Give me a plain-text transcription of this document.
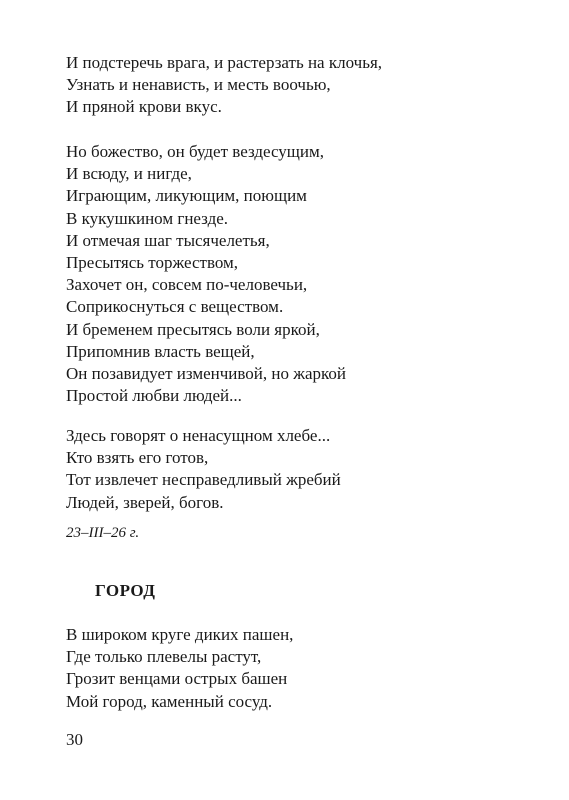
И подстеречь врага, и растерзать на клочья,
Узнать и ненависть, и месть воочью,
И пряной крови вкус.
Но божество, он будет вездесущим,
И всюду, и нигде,
Играющим, ликующим, поющим
В кукушкином гнезде.
И отмечая шаг тысячелетья,
Пресытясь торжеством,
Захочет он, совсем по-человечьи,
Соприкоснуться с веществом.
И бременем пресытясь воли яркой,
Припомнив власть вещей,
Он позавидует изменчивой, но жаркой
Простой любви людей...
Здесь говорят о ненасущном хлебе...
Кто взять его готов,
Тот извлечет несправедливый жребий
Людей, зверей, богов.
23–III–26 г.
ГОРОД
В широком круге диких пашен,
Где только плевелы растут,
Грозит венцами острых башен
Мой город, каменный сосуд.
30
